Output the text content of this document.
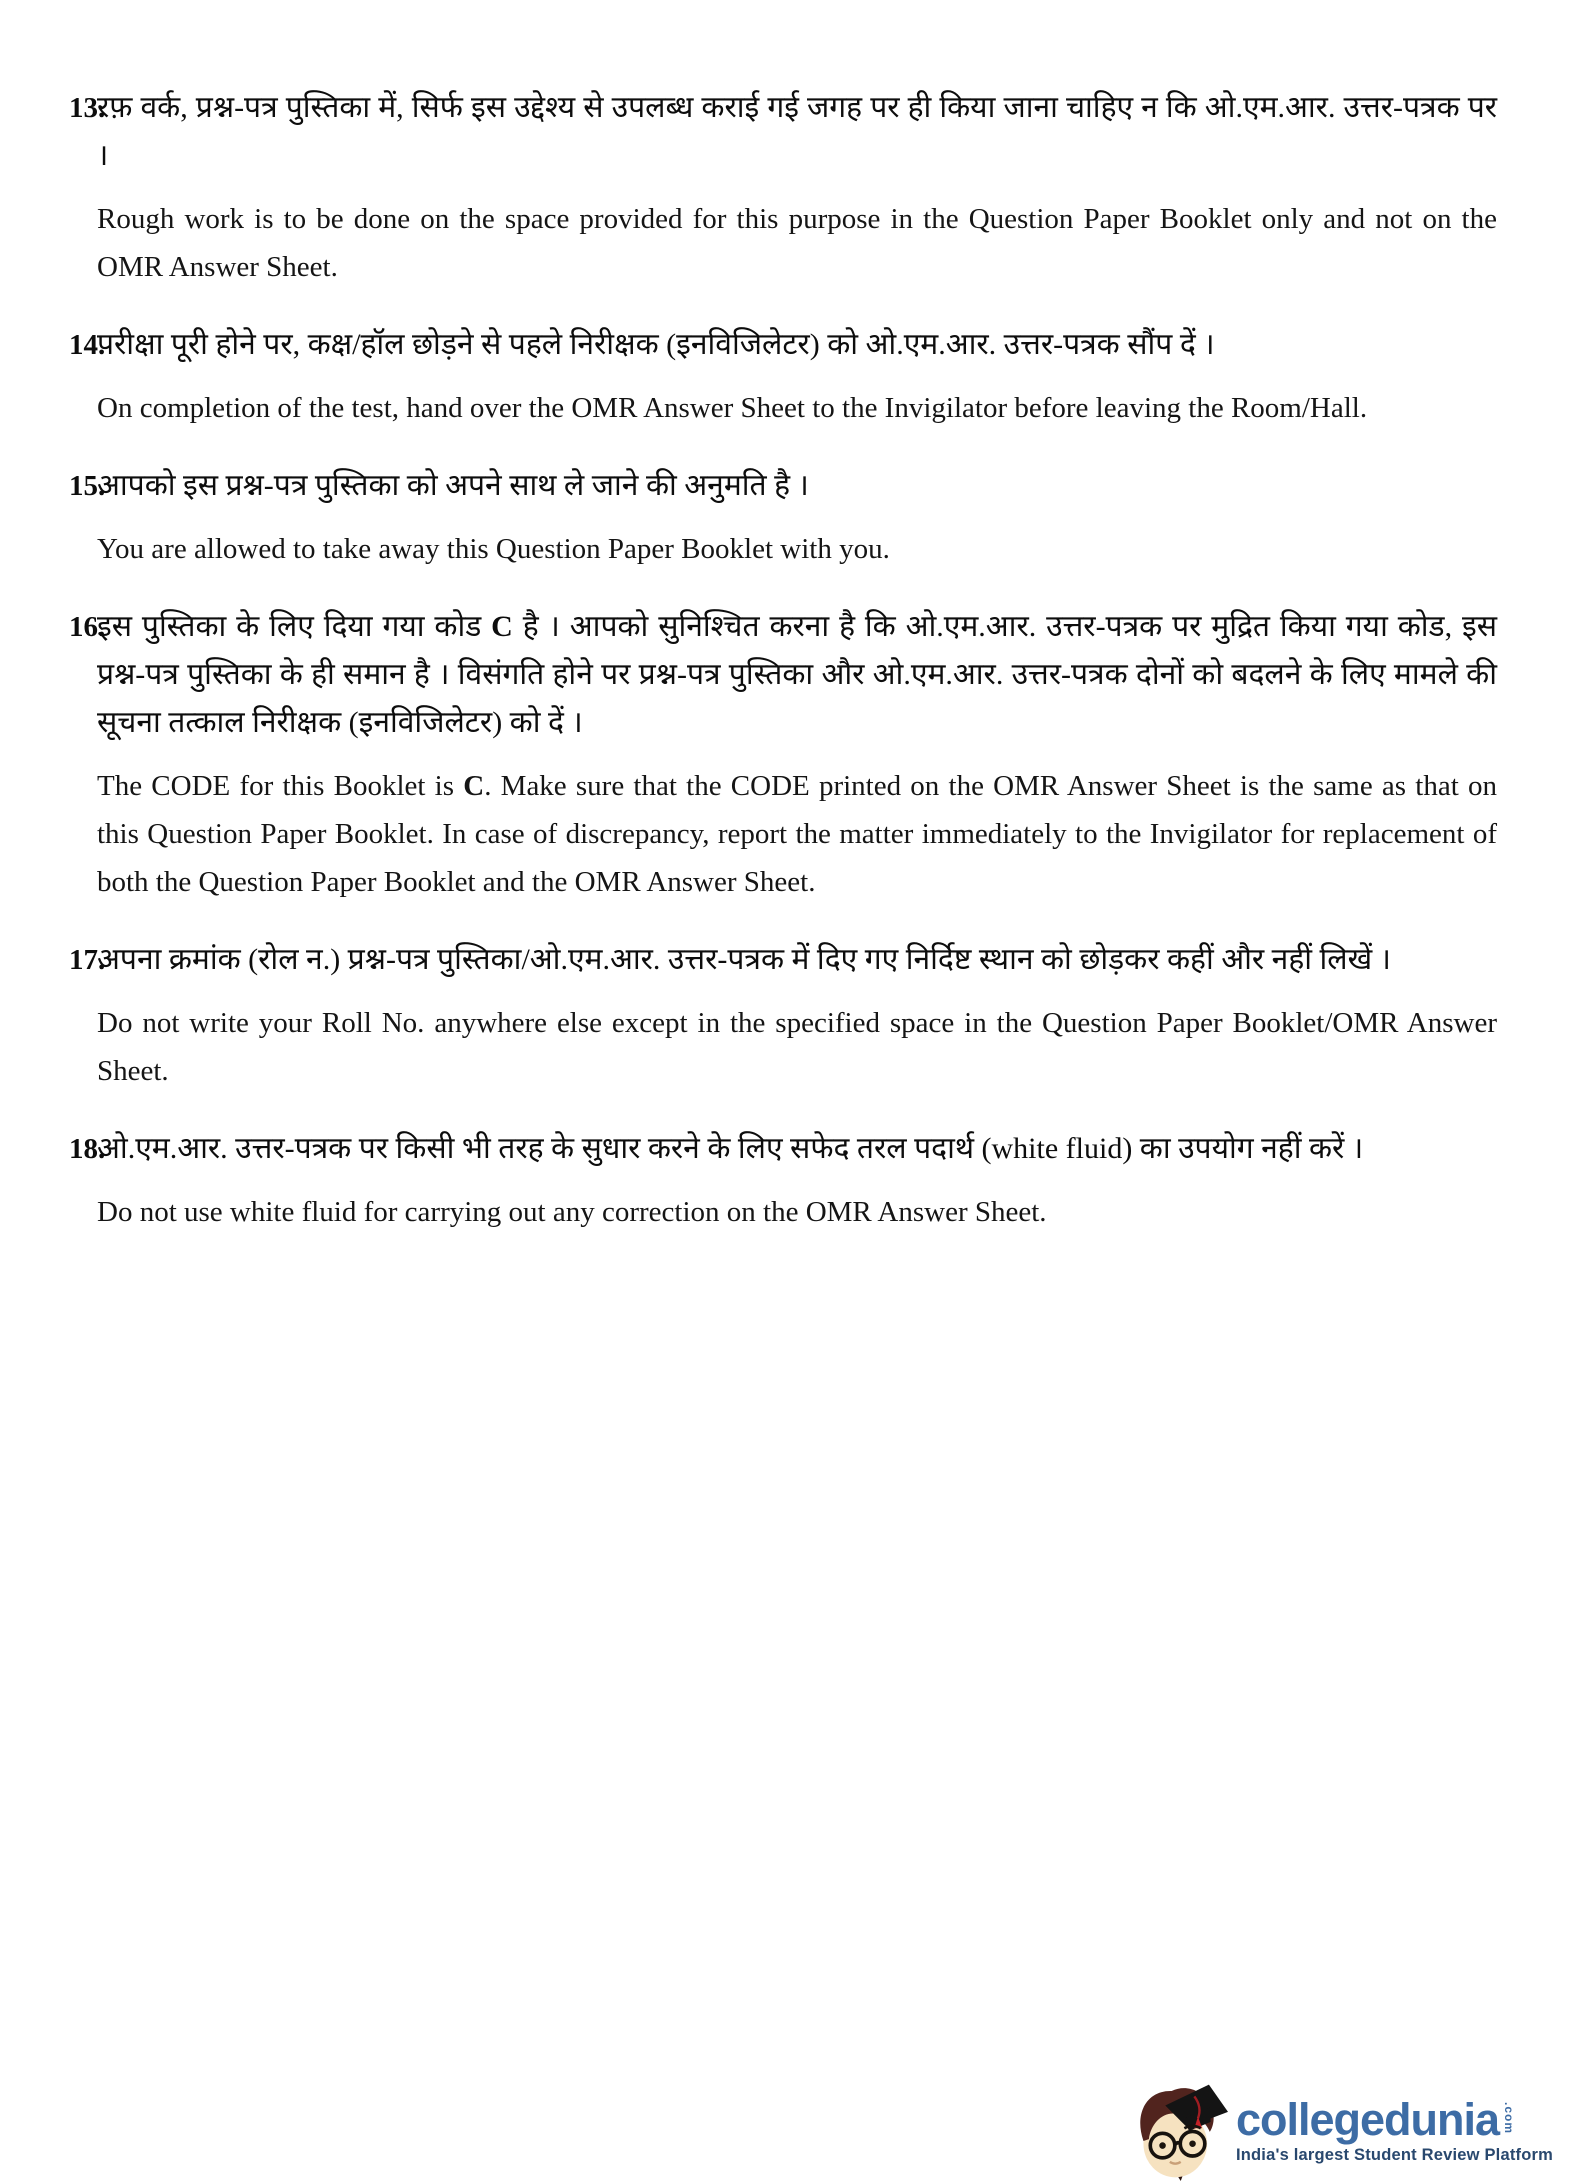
13.

रफ़ वर्क, प्रश्न-पत्र पुस्तिका में, सिर्फ इस उद्देश्य से उपलब्ध कराई गई जगह पर ही किया जाना चाहिए न कि ओ.एम.आर. उत्तर-पत्रक पर ।

Rough work is to be done on the space provided for this purpose in the Question Paper Booklet only and not on the OMR Answer Sheet.

14.

परीक्षा पूरी होने पर, कक्ष/हॉल छोड़ने से पहले निरीक्षक (इनविजिलेटर) को ओ.एम.आर. उत्तर-पत्रक सौंप दें ।

On completion of the test, hand over the OMR Answer Sheet to the Invigilator before leaving the Room/Hall.

15.

आपको इस प्रश्न-पत्र पुस्तिका को अपने साथ ले जाने की अनुमति है ।

You are allowed to take away this Question Paper Booklet with you.

16.

इस पुस्तिका के लिए दिया गया कोड C है । आपको सुनिश्चित करना है कि ओ.एम.आर. उत्तर-पत्रक पर मुद्रित किया गया कोड, इस प्रश्न-पत्र पुस्तिका के ही समान है । विसंगति होने पर प्रश्न-पत्र पुस्तिका और ओ.एम.आर. उत्तर-पत्रक दोनों को बदलने के लिए मामले की सूचना तत्काल निरीक्षक (इनविजिलेटर) को दें ।

The CODE for this Booklet is C. Make sure that the CODE printed on the OMR Answer Sheet is the same as that on this Question Paper Booklet. In case of discrepancy, report the matter immediately to the Invigilator for replacement of both the Question Paper Booklet and the OMR Answer Sheet.

17.

अपना क्रमांक (रोल न.) प्रश्न-पत्र पुस्तिका/ओ.एम.आर. उत्तर-पत्रक में दिए गए निर्दिष्ट स्थान को छोड़कर कहीं और नहीं लिखें ।

Do not write your Roll No. anywhere else except in the specified space in the Question Paper Booklet/OMR Answer Sheet.

18.

ओ.एम.आर. उत्तर-पत्रक पर किसी भी तरह के सुधार करने के लिए सफेद तरल पदार्थ (white fluid) का उपयोग नहीं करें ।

Do not use white fluid for carrying out any correction on the OMR Answer Sheet.

collegedunia .com
India's largest Student Review Platform
